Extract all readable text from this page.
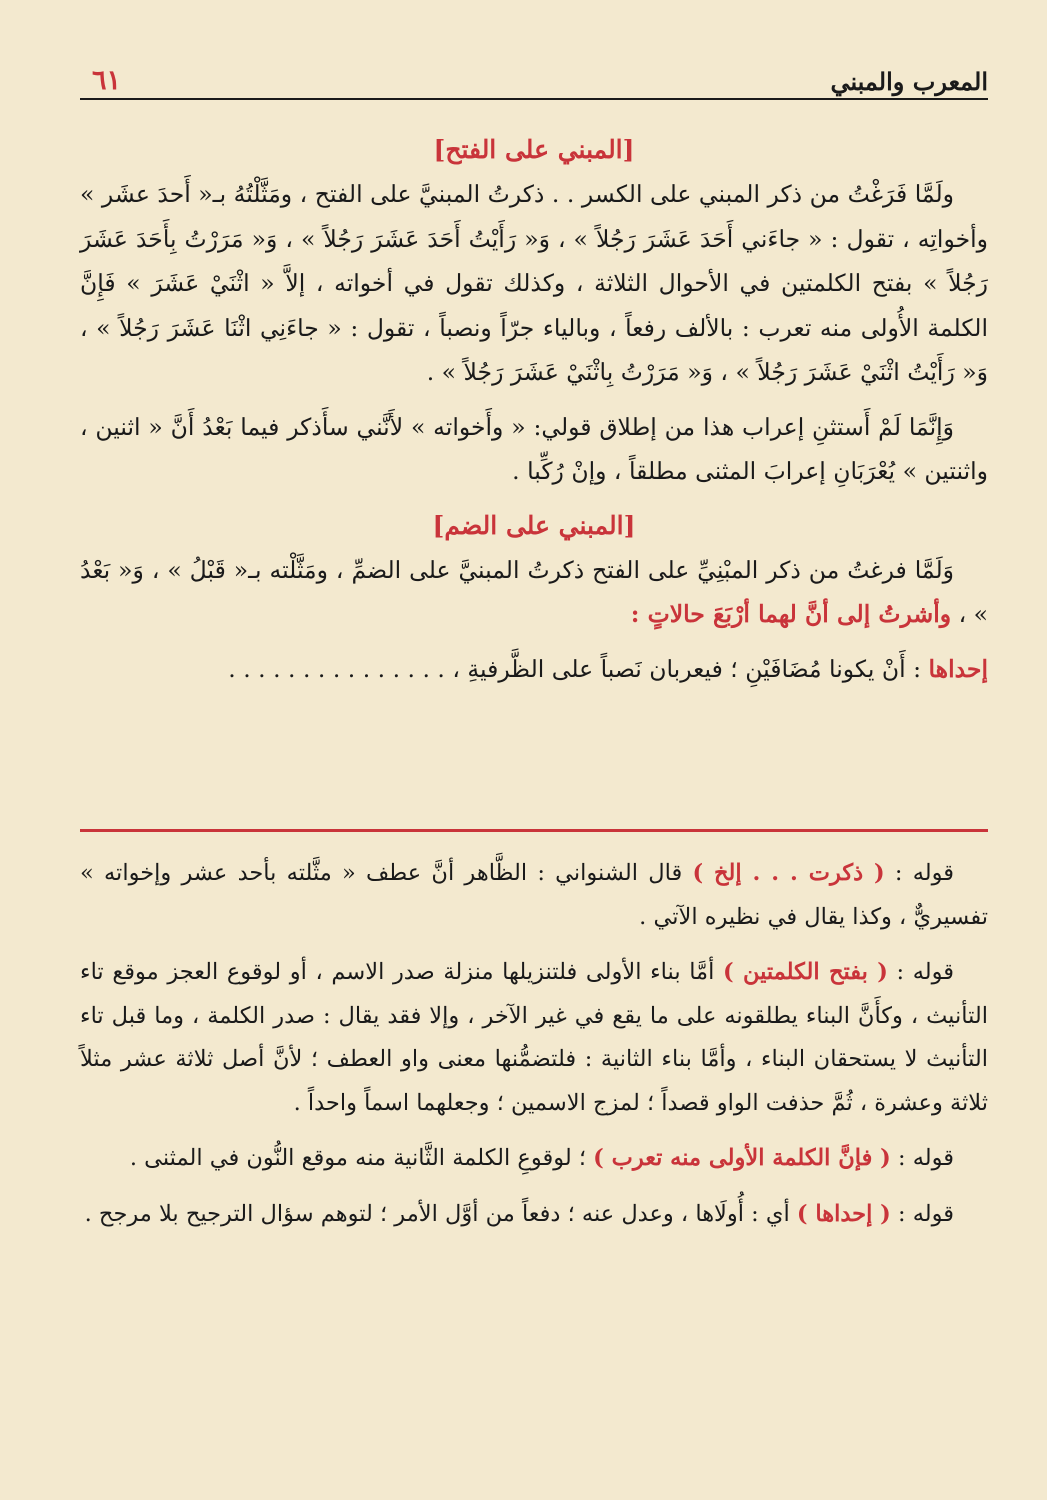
المعرب والمبني
٦١

[المبني على الفتح]

ولَمَّا فَرَغْتُ من ذكر المبني على الكسر . . ذكرتُ المبنيَّ على الفتح ، ومَثَّلْتُهُ بـ« أَحدَ عشَر » وأخواتِه ، تقول : « جاءَني أَحَدَ عَشَرَ رَجُلاً » ، وَ« رَأَيْتُ أَحَدَ عَشَرَ رَجُلاً » ، وَ« مَرَرْتُ بِأَحَدَ عَشَرَ رَجُلاً » بفتح الكلمتين في الأحوال الثلاثة ، وكذلك تقول في أخواته ، إلاَّ « اثْنَيْ عَشَرَ » فَإِنَّ الكلمة الأُولى منه تعرب : بالألف رفعاً ، وبالياء جرّاً ونصباً ، تقول : « جاءَنِي اثْنَا عَشَرَ رَجُلاً » ، وَ« رَأَيْتُ اثْنَيْ عَشَرَ رَجُلاً » ، وَ« مَرَرْتُ بِاثْنَيْ عَشَرَ رَجُلاً » .

وَإِنَّمَا لَمْ أَستثنِ إعراب هذا من إطلاق قولي: « وأَخواته » لأَنَّني سأَذكر فيما بَعْدُ أَنَّ « اثنين ، واثنتين » يُعْرَبَانِ إعرابَ المثنى مطلقاً ، وإنْ رُكِّبا .

[المبني على الضم]

وَلَمَّا فرغتُ من ذكر المبْنِيِّ على الفتح ذكرتُ المبنيَّ على الضمِّ ، ومَثَّلْته بـ« قَبْلُ » ، وَ« بَعْدُ » ، وأشرتُ إلى أنَّ لهما أرْبَعَ حالاتٍ :

إحداها : أَنْ يكونا مُضَافَيْنِ ؛ فيعربان نَصباً على الظَّرفيةِ ، . . . . . . . . . . . . . . .

قوله : ( ذكرت . . . إلخ ) قال الشنواني : الظَّاهر أنَّ عطف « مثَّلته بأحد عشر وإخواته » تفسيريٌّ ، وكذا يقال في نظيره الآتي .

قوله : ( بفتح الكلمتين ) أمَّا بناء الأولى فلتنزيلها منزلة صدر الاسم ، أو لوقوع العجز موقع تاء التأنيث ، وكأَنَّ البناء يطلقونه على ما يقع في غير الآخر ، وإلا فقد يقال : صدر الكلمة ، وما قبل تاء التأنيث لا يستحقان البناء ، وأمَّا بناء الثانية : فلتضمُّنها معنى واو العطف ؛ لأنَّ أصل ثلاثة عشر مثلاً ثلاثة وعشرة ، ثُمَّ حذفت الواو قصداً ؛ لمزج الاسمين ؛ وجعلهما اسماً واحداً .

قوله : ( فإنَّ الكلمة الأولى منه تعرب ) ؛ لوقوعِ الكلمة الثَّانية منه موقع النُّون في المثنى .

قوله : ( إحداها ) أي : أُولَاها ، وعدل عنه ؛ دفعاً من أوَّل الأمر ؛ لتوهم سؤال الترجيح بلا مرجح .
